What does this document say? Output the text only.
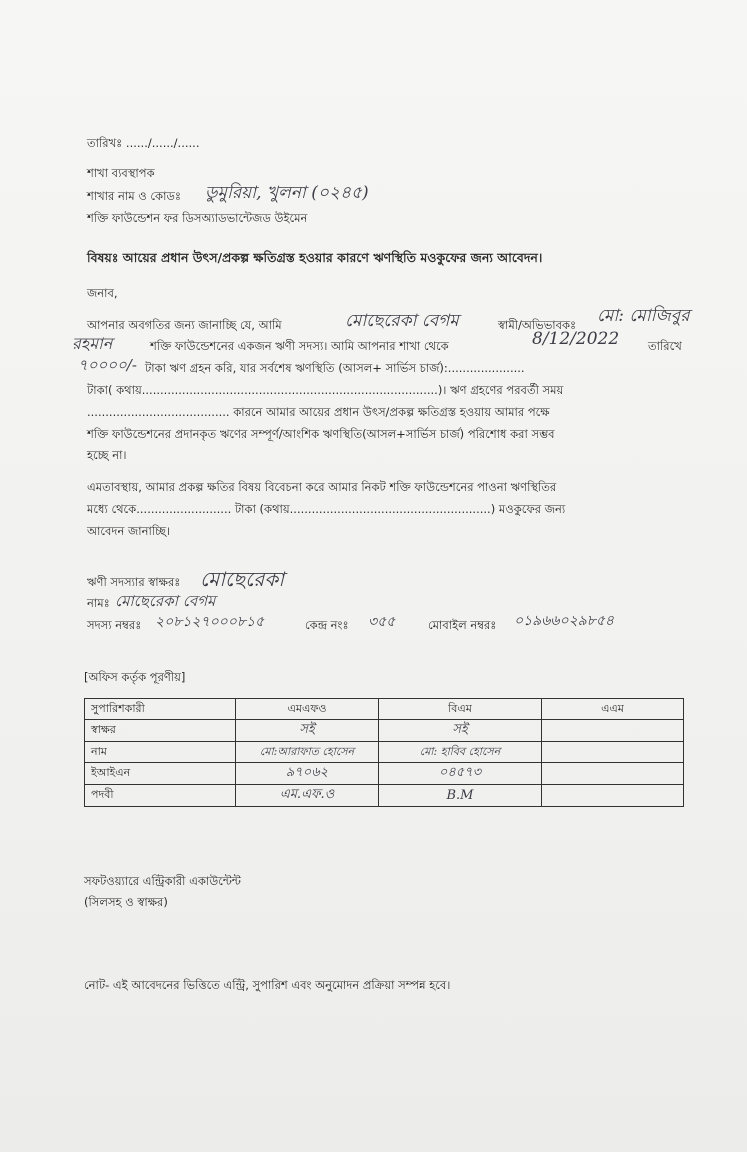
তারিখঃ ....../....../......
শাখা ব্যবস্থাপক
শাখার নাম ও কোডঃ ডুমুরিয়া, খুলনা (০২৪৫)
শক্তি ফাউন্ডেশন ফর ডিসঅ্যাডভান্টেজড উইমেন
বিষয়ঃ আয়ের প্রধান উৎস/প্রকল্প ক্ষতিগ্রস্ত হওয়ার কারণে ঋণস্থিতি মওকুফের জন্য আবেদন।
জনাব,
আপনার অবগতির জন্য জানাচ্ছি যে, আমি	মোছেরেকা বেগম	স্বামী/অভিভাবকঃ মো: মোজিবুর
রহমান	শক্তি ফাউন্ডেশনের একজন ঋণী সদস্য। আমি আপনার শাখা থেকে	8/12/2022	তারিখে
৭০০০০/- টাকা ঋণ গ্রহন করি, যার সর্বশেষ ঋণস্থিতি (আসল+ সার্ভিস চার্জ):.....................
টাকা( কথায়.................................................................................)। ঋণ গ্রহণের পরবর্তী সময়
....................................... কারনে আমার আয়ের প্রধান উৎস/প্রকল্প ক্ষতিগ্রস্ত হওয়ায় আমার পক্ষে
শক্তি ফাউন্ডেশনের প্রদানকৃত ঋণের সম্পূর্ণ/আংশিক ঋণস্থিতি(আসল+সার্ভিস চার্জ) পরিশোধ করা সম্ভব
হচ্ছে না।
এমতাবস্থায়, আমার প্রকল্প ক্ষতির বিষয় বিবেচনা করে আমার নিকট শক্তি ফাউন্ডেশনের পাওনা ঋণস্থিতির
মধ্যে থেকে.......................... টাকা (কথায়.......................................................) মওকুফের জন্য
আবেদন জানাচ্ছি।
ঋণী সদস্যার স্বাক্ষরঃ মোছেরেকা
নামঃ মোছেরেকা বেগম
সদস্য নম্বরঃ ২০৮১২৭০০০৮১৫	কেন্দ্র নংঃ ৩৫৫	মোবাইল নম্বরঃ ০১৯৬৬০২৯৮৫৪
[অফিস কর্তৃক পূরণীয়]
সুপারিশকারী	এমএফও	বিএম	এএম
স্বাক্ষর	সই	সই	
নাম	মো:আরাফাত হোসেন	মো: হাবিব হোসেন	
ইআইএন	৯৭০৬২	০৪৫৭৩	
পদবী	এম.এফ.ও	B.M	
সফটওয়্যারে এন্ট্রিকারী একাউন্টেন্ট
(সিলসহ ও স্বাক্ষর)
নোট- এই আবেদনের ভিত্তিতে এন্ট্রি, সুপারিশ এবং অনুমোদন প্রক্রিয়া সম্পন্ন হবে।
